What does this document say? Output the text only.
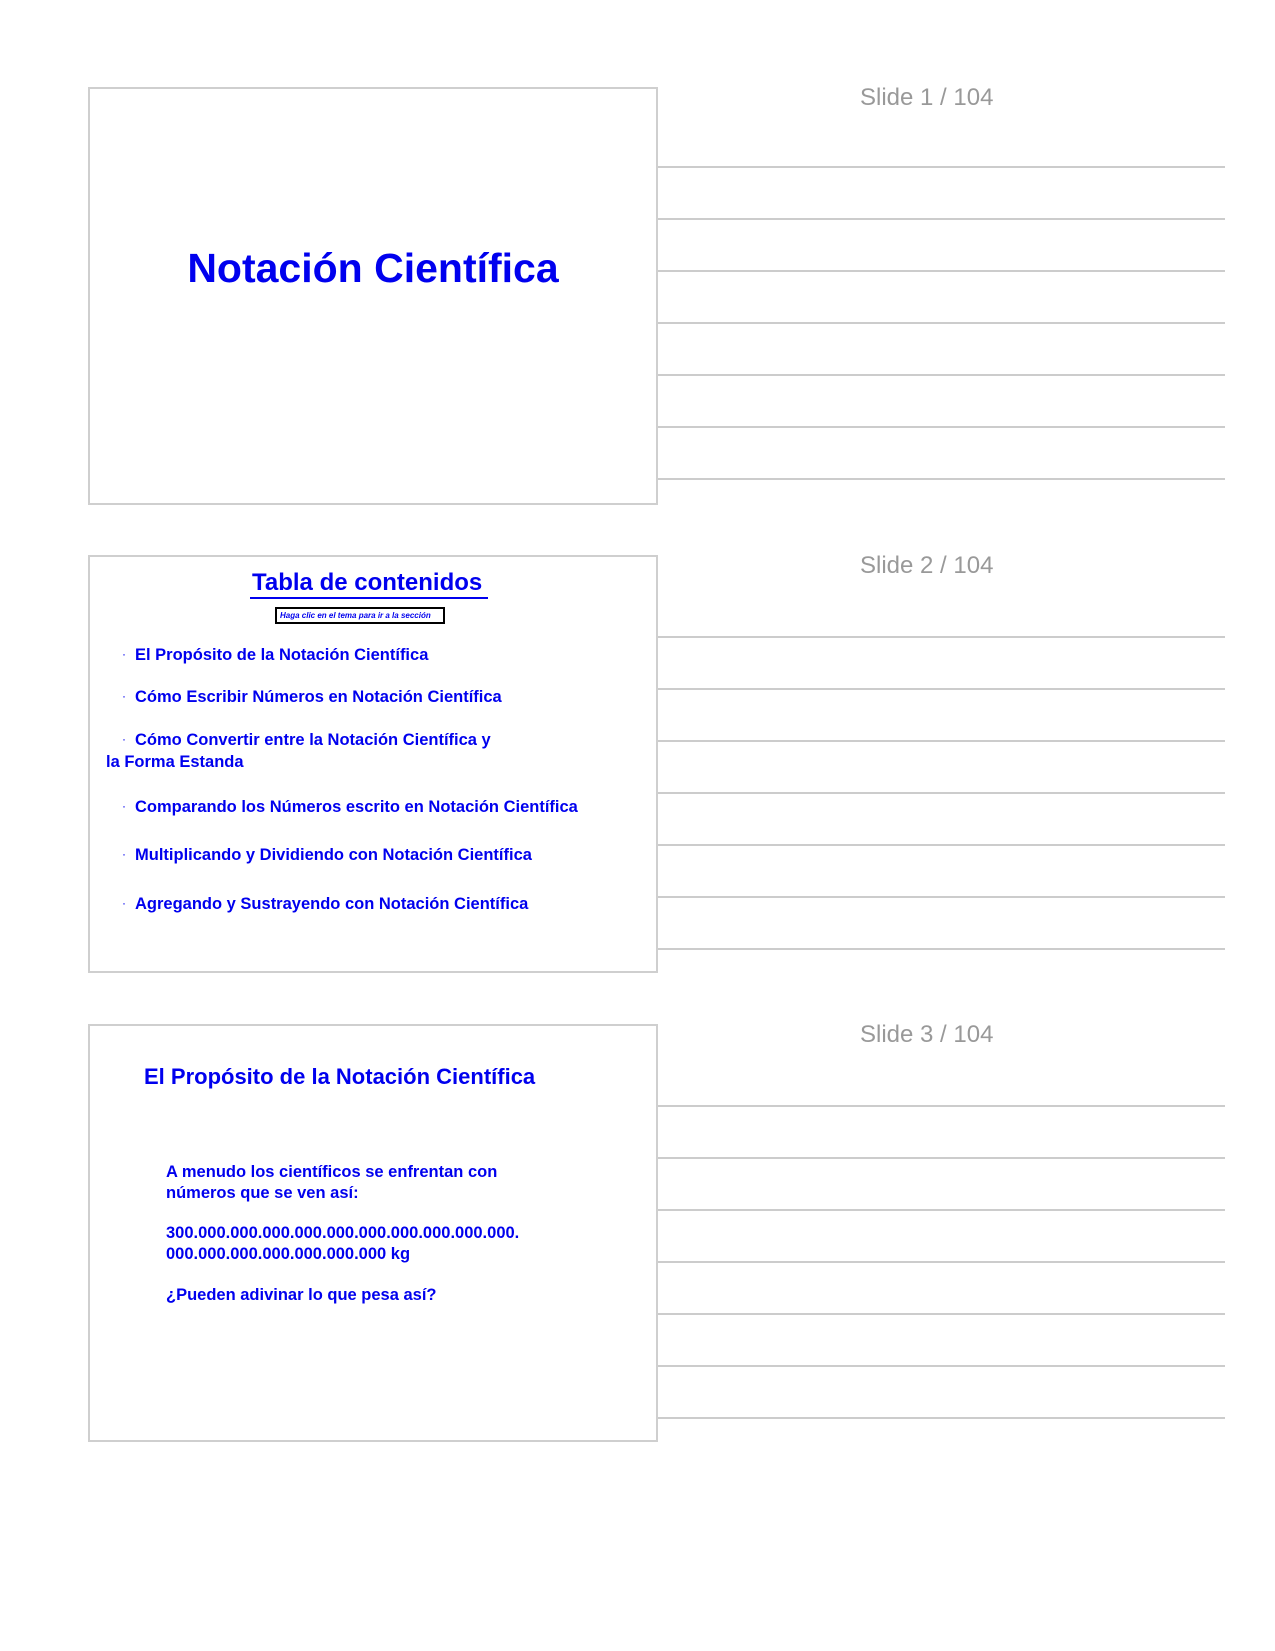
Notación Científica
Slide 1 / 104
Tabla de contenidos
Haga clic en el tema para ir a la sección
· El Propósito de la Notación Científica
· Cómo Escribir Números en Notación Científica
· Cómo Convertir entre la Notación Científica y
la Forma Estanda
· Comparando los Números escrito en Notación Científica
· Multiplicando y Dividiendo con Notación Científica
· Agregando y Sustrayendo con Notación Científica
Slide 2 / 104
El Propósito de la Notación Científica
A menudo los científicos se enfrentan con
números que se ven así:
300.000.000.000.000.000.000.000.000.000.000.
000.000.000.000.000.000.000 kg
¿Pueden adivinar lo que pesa así?
Slide 3 / 104
